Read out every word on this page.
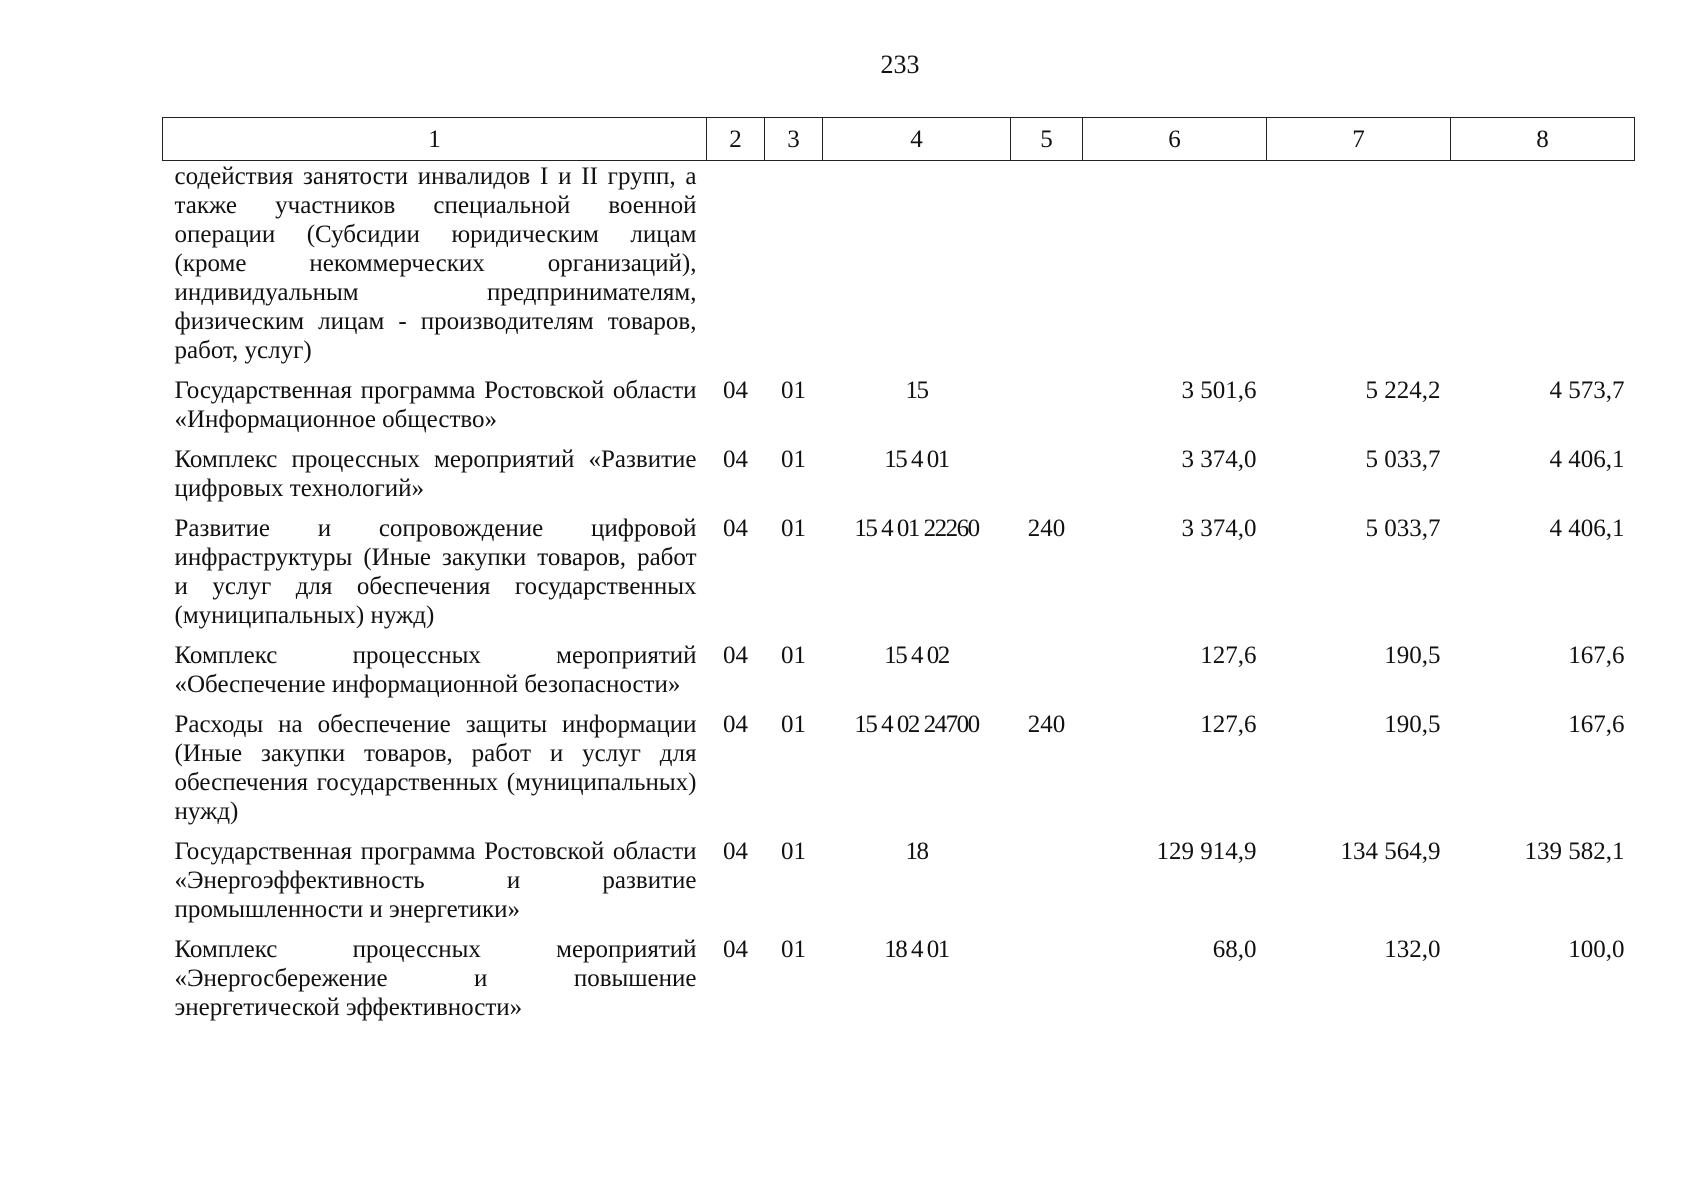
233
1	2	3	4	5	6	7	8
содействия занятости инвалидов I и II групп, а также участников специальной военной операции (Субсидии юридическим лицам (кроме некоммерческих организаций), индивидуальным предпринимателям, физическим лицам - производителям товаров, работ, услуг)							
Государственная программа Ростовской области «Информационное общество»	04	01	15		3 501,6	5 224,2	4 573,7
Комплекс процессных мероприятий «Развитие цифровых технологий»	04	01	15 4 01		3 374,0	5 033,7	4 406,1
Развитие и сопровождение цифровой инфраструктуры (Иные закупки товаров, работ и услуг для обеспечения государственных (муниципальных) нужд)	04	01	15 4 01 22260	240	3 374,0	5 033,7	4 406,1
Комплекс процессных мероприятий «Обеспечение информационной безопасности»	04	01	15 4 02		127,6	190,5	167,6
Расходы на обеспечение защиты информации (Иные закупки товаров, работ и услуг для обеспечения государственных (муниципальных) нужд)	04	01	15 4 02 24700	240	127,6	190,5	167,6
Государственная программа Ростовской области «Энергоэффективность и развитие промышленности и энергетики»	04	01	18		129 914,9	134 564,9	139 582,1
Комплекс процессных мероприятий «Энергосбережение и повышение энергетической эффективности»	04	01	18 4 01		68,0	132,0	100,0
